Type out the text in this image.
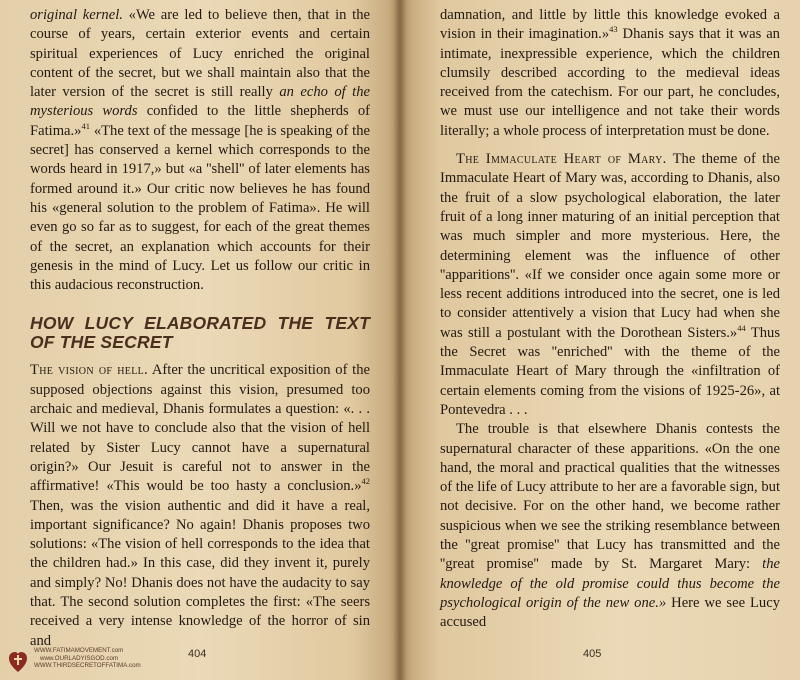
original kernel. «We are led to believe then, that in the course of years, certain exterior events and certain spiritual experiences of Lucy enriched the original content of the secret, but we shall maintain also that the later version of the secret is still really an echo of the mysterious words confided to the little shepherds of Fatima.»$^{41}$ «The text of the message [he is speaking of the secret] has conserved a kernel which corresponds to the words heard in 1917,» but «a ''shell'' of later elements has formed around it.» Our critic now believes he has found his «general solution to the problem of Fatima». He will even go so far as to suggest, for each of the great themes of the secret, an explanation which accounts for their genesis in the mind of Lucy. Let us follow our critic in this audacious reconstruction.

HOW LUCY ELABORATED THE TEXT OF THE SECRET

The vision of hell. After the uncritical exposition of the supposed objections against this vision, presumed too archaic and medieval, Dhanis formulates a question: «. . . Will we not have to conclude also that the vision of hell related by Sister Lucy cannot have a supernatural origin?» Our Jesuit is careful not to answer in the affirmative! «This would be too hasty a conclusion.»$^{42}$ Then, was the vision authentic and did it have a real, important significance? No again! Dhanis proposes two solutions: «The vision of hell corresponds to the idea that the children had.» In this case, did they invent it, purely and simply? No! Dhanis does not have the audacity to say that. The second solution completes the first: «The seers received a very intense knowledge of the horror of sin and

404
WWW.FATIMAMOVEMENT.com
www.OURLADYISGOD.com
WWW.THIRDSECRETOFFATIMA.com

damnation, and little by little this knowledge evoked a vision in their imagination.»$^{43}$ Dhanis says that it was an intimate, inexpressible experience, which the children clumsily described according to the medieval ideas received from the catechism. For our part, he concludes, we must use our intelligence and not take their words literally; a whole process of interpretation must be done.

The Immaculate Heart of Mary. The theme of the Immaculate Heart of Mary was, according to Dhanis, also the fruit of a slow psychological elaboration, the later fruit of a long inner maturing of an initial perception that was much simpler and more mysterious. Here, the determining element was the influence of other ''apparitions''. «If we consider once again some more or less recent additions introduced into the secret, one is led to consider attentively a vision that Lucy had when she was still a postulant with the Dorothean Sisters.»$^{44}$ Thus the Secret was ''enriched'' with the theme of the Immaculate Heart of Mary through the «infiltration of certain elements coming from the visions of 1925-26», at Pontevedra . . .

The trouble is that elsewhere Dhanis contests the supernatural character of these apparitions. «On the one hand, the moral and practical qualities that the witnesses of the life of Lucy attribute to her are a favorable sign, but not decisive. For on the other hand, we become rather suspicious when we see the striking resemblance between the ''great promise'' that Lucy has transmitted and the ''great promise'' made by St. Margaret Mary: the knowledge of the old promise could thus become the psychological origin of the new one.» Here we see Lucy accused

405
